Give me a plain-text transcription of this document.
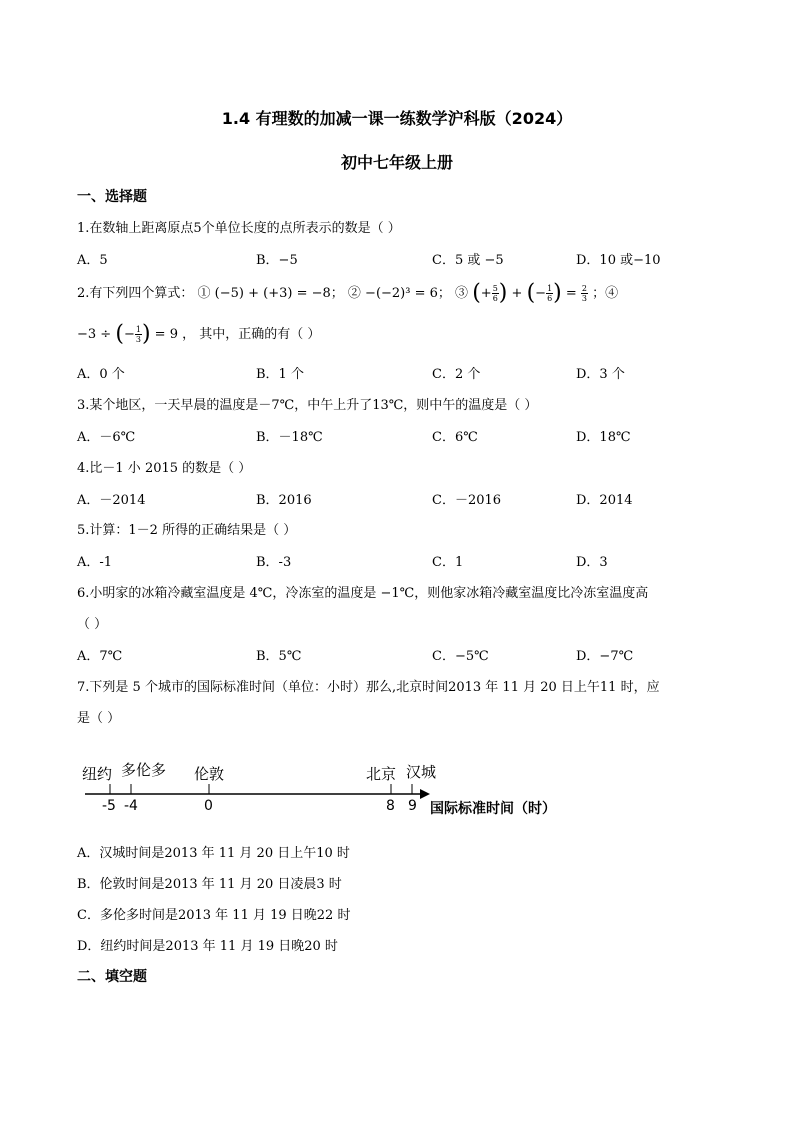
1.4 有理数的加减一课一练数学沪科版（2024）
初中七年级上册
一、选择题
1.在数轴上距离原点5个单位长度的点所表示的数是（ ）
A．5	B．−5	C．5 或 −5	D．10 或−10
2.有下列四个算式： ① (−5) + (+3) = −8； ② −(−2)³ = 6； ③ (+ $\frac{5}{6}$ ) + (− $\frac{1}{6}$ ) = $\frac{2}{3}$ ；④
−3 ÷ (− $\frac{1}{3}$ ) = 9 ， 其中，正确的有（ ）
A．0 个	B．1 个	C．2 个	D．3 个
3.某个地区，一天早晨的温度是－7℃，中午上升了13℃，则中午的温度是（ ）
A．－6℃	B．－18℃	C．6℃	D．18℃
4.比－1 小 2015 的数是（ ）
A．－2014	B．2016	C．－2016	D．2014
5.计算：1－2 所得的正确结果是（ ）
A．-1	B．-3	C．1	D．3
6.小明家的冰箱冷藏室温度是 4℃，冷冻室的温度是 −1℃，则他家冰箱冷藏室温度比冷冻室温度高
（ ）
A．7℃	B．5℃	C．−5℃	D．−7℃
7.下列是 5 个城市的国际标准时间（单位：小时）那么,北京时间2013 年 11 月 20 日上午11 时，应
是（ ）
纽约 多伦多 伦敦	北京 汉城
-5 -4	0	8 9 国际标准时间（时）
A．汉城时间是2013 年 11 月 20 日上午10 时
B．伦敦时间是2013 年 11 月 20 日凌晨3 时
C．多伦多时间是2013 年 11 月 19 日晚22 时
D．纽约时间是2013 年 11 月 19 日晚20 时
二、填空题
